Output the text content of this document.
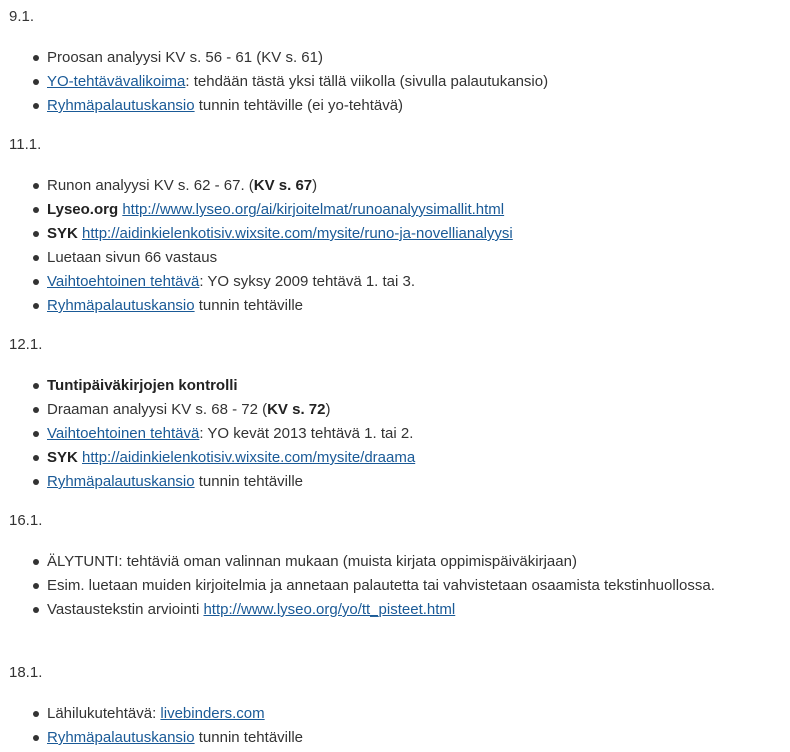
9.1.

Proosan analyysi KV s. 56 - 61 (KV s. 61)
YO-tehtävävalikoima: tehdään tästä yksi tällä viikolla (sivulla palautukansio)
Ryhmäpalautuskansio tunnin tehtäville (ei yo-tehtävä)

11.1.

Runon analyysi KV s. 62 - 67. (KV s. 67)
Lyseo.org http://www.lyseo.org/ai/kirjoitelmat/runoanalyysimallit.html
SYK http://aidinkielenkotisiv.wixsite.com/mysite/runo-ja-novellianalyysi
Luetaan sivun 66 vastaus
Vaihtoehtoinen tehtävä: YO syksy 2009 tehtävä 1. tai 3.
Ryhmäpalautuskansio tunnin tehtäville

12.1.

Tuntipäiväkirjojen kontrolli
Draaman analyysi KV s. 68 - 72 (KV s. 72)
Vaihtoehtoinen tehtävä: YO kevät 2013 tehtävä 1. tai 2.
SYK http://aidinkielenkotisiv.wixsite.com/mysite/draama
Ryhmäpalautuskansio tunnin tehtäville

16.1.

ÄLYTUNTI: tehtäviä oman valinnan mukaan (muista kirjata oppimispäiväkirjaan)
Esim. luetaan muiden kirjoitelmia ja annetaan palautetta tai vahvistetaan osaamista tekstinhuollossa.
Vastaustekstin arviointi http://www.lyseo.org/yo/tt_pisteet.html

18.1.

Lähilukutehtävä: livebinders.com
Ryhmäpalautuskansio tunnin tehtäville
